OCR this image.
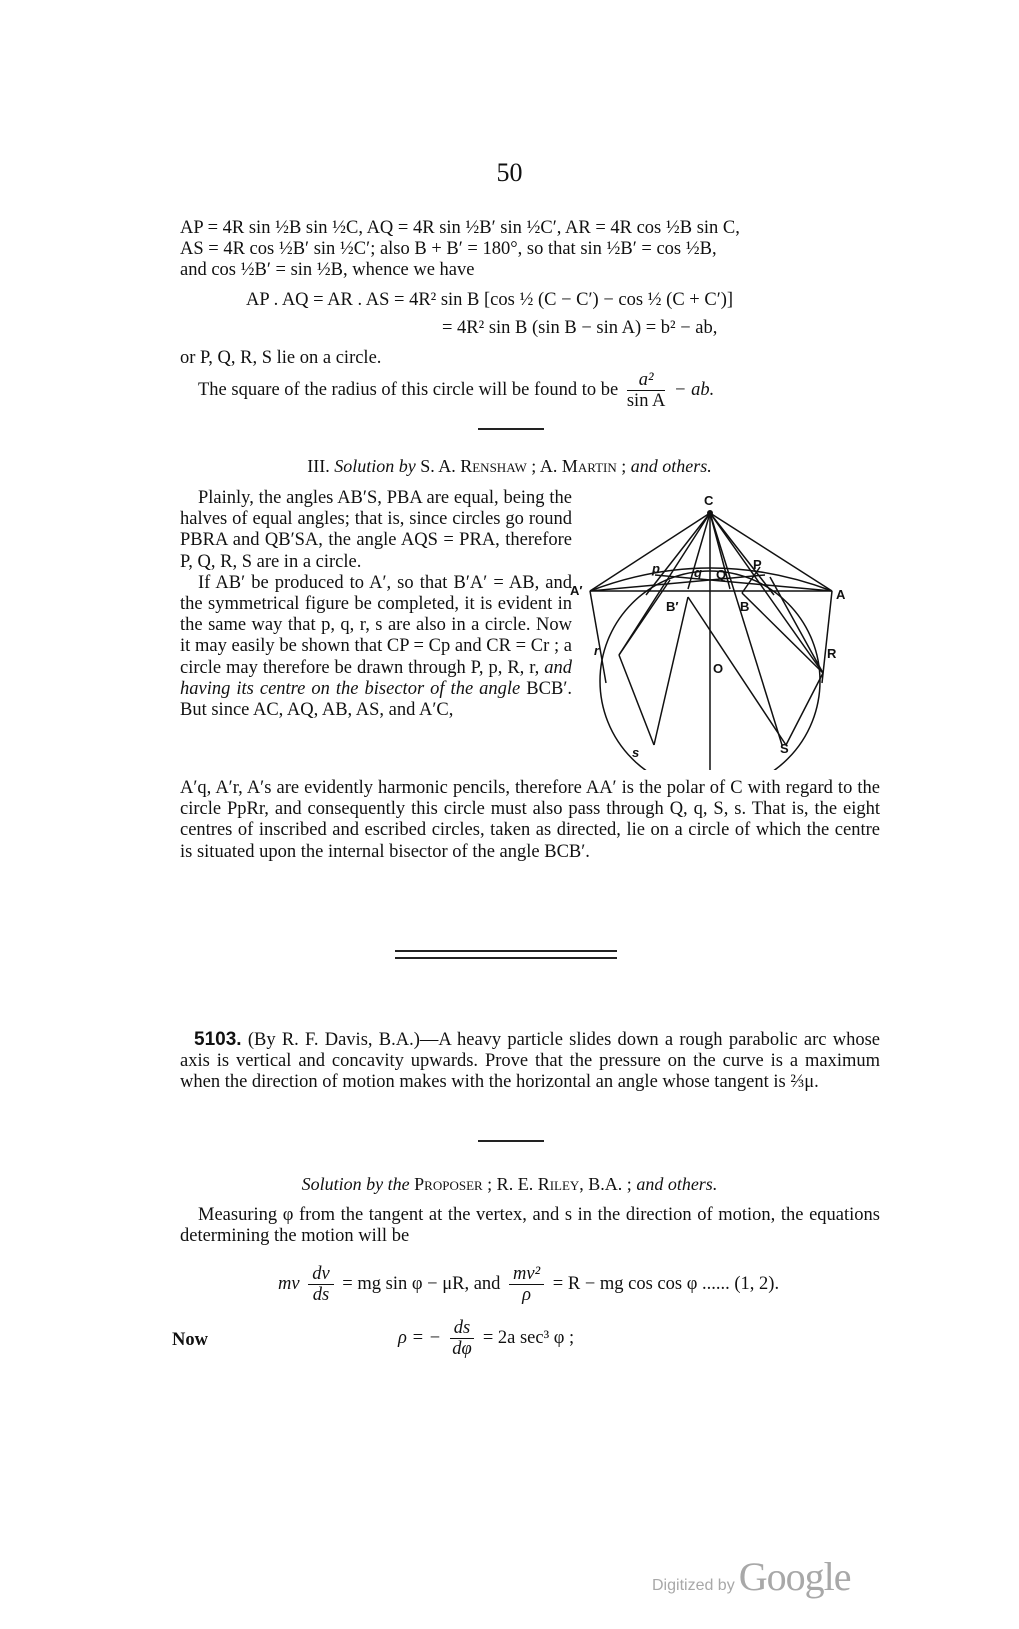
50
AP = 4R sin ½B sin ½C, AQ = 4R sin ½B′ sin ½C′, AR = 4R cos ½B sin C,
AS = 4R cos ½B′ sin ½C′; also B + B′ = 180°, so that sin ½B′ = cos ½B,
and cos ½B′ = sin ½B, whence we have
AP . AQ = AR . AS = 4R² sin B [cos ½ (C − C′) − cos ½ (C + C′)]
= 4R² sin B (sin B − sin A) = b² − ab,
or P, Q, R, S lie on a circle.
The square of the radius of this circle will be found to be $\frac{\text{a²}}{\text{sin A}}$ − ab.
III. Solution by S. A. Renshaw ; A. Martin ; and others.
Plainly, the angles AB′S, PBA are equal, being the halves of equal angles; that is, since circles go round PBRA and QB′SA, the angle AQS = PRA, therefore P, Q, R, S are in a circle.
If AB′ be produced to A′, so that B′A′ = AB, and the symmetrical figure be completed, it is evident in the same way that p, q, r, s are also in a circle. Now it may easily be shown that CP = Cp and CR = Cr ; a circle may therefore be drawn through P, p, R, r, and having its centre on the bisector of the angle BCB′. But since AC, AQ, AB, AS, and A′C,
C
A′	A
p	q Q
P
B′	B
r	R
O
s	S
A′q, A′r, A′s are evidently harmonic pencils, therefore AA′ is the polar of C with regard to the circle PpRr, and consequently this circle must also pass through Q, q, S, s. That is, the eight centres of inscribed and escribed circles, taken as directed, lie on a circle of which the centre is situated upon the internal bisector of the angle BCB′.
5103. (By R. F. Davis, B.A.)—A heavy particle slides down a rough parabolic arc whose axis is vertical and concavity upwards. Prove that the pressure on the curve is a maximum when the direction of motion makes with the horizontal an angle whose tangent is ⅔μ.
Solution by the Proposer ; R. E. Riley, B.A. ; and others.
Measuring φ from the tangent at the vertex, and s in the direction of motion, the equations determining the motion will be
mv $\frac{dv}{ds}$ = mg sin φ − μR, and $\frac{\text{mv²}}{\rho} = R$ − mg cos cos φ ...... (1, 2).
Now	ρ = − $\frac{ds}{d\varphi} = 2a$ sec³ φ ;
Digitized by Google
